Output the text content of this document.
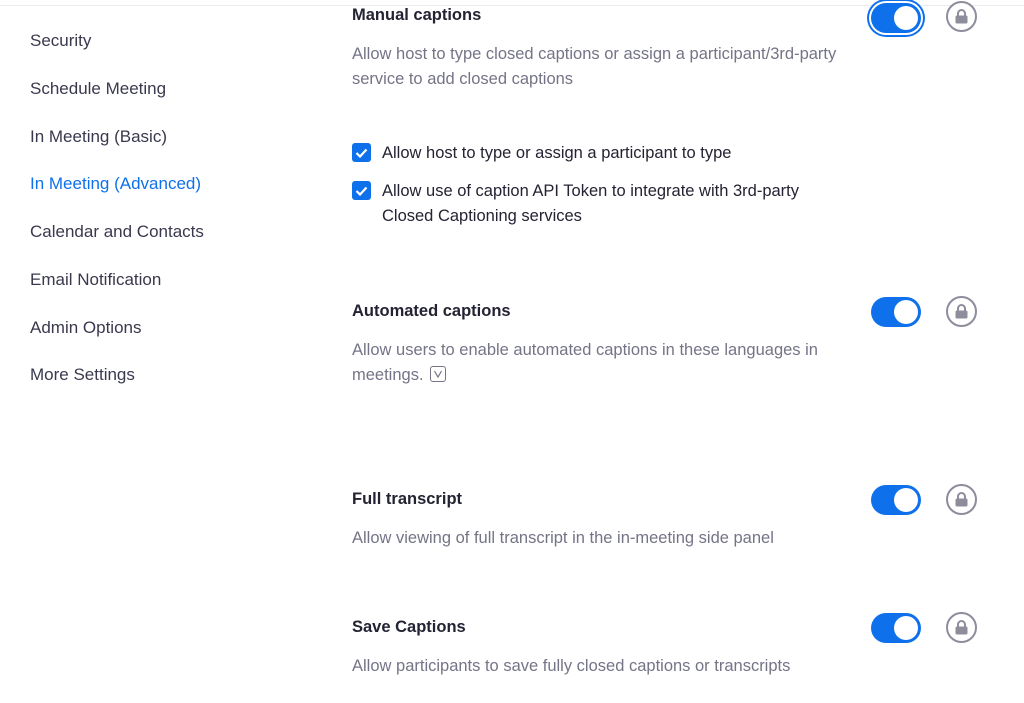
Security
Schedule Meeting
In Meeting (Basic)
In Meeting (Advanced)
Calendar and Contacts
Email Notification
Admin Options
More Settings
Manual captions
Allow host to type closed captions or assign a participant/3rd-party service to add closed captions
Allow host to type or assign a participant to type
Allow use of caption API Token to integrate with 3rd-party Closed Captioning services
Automated captions
Allow users to enable automated captions in these languages in meetings.
Full transcript
Allow viewing of full transcript in the in-meeting side panel
Save Captions
Allow participants to save fully closed captions or transcripts
